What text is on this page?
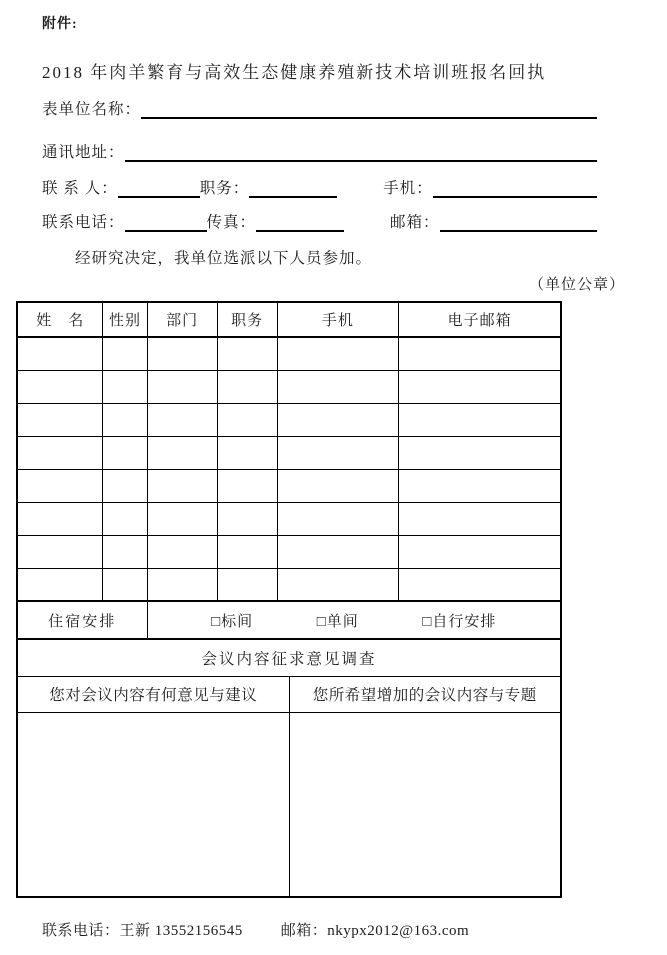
附件:
2018 年肉羊繁育与高效生态健康养殖新技术培训班报名回执
表单位名称：
通讯地址：
联 系 人：	职务：	手机：
联系电话：	传真：	邮箱：
经研究决定，我单位选派以下人员参加。
（单位公章）
姓　名	性别	部门	职务	手机	电子邮箱

住宿安排		□标间 □单间 □自行安排			
会议内容征求意见调查	
您对会议内容有何意见与建议	您所希望增加的会议内容与专题

联系电话：王新 13552156545	邮箱：nkypx2012@163.com
